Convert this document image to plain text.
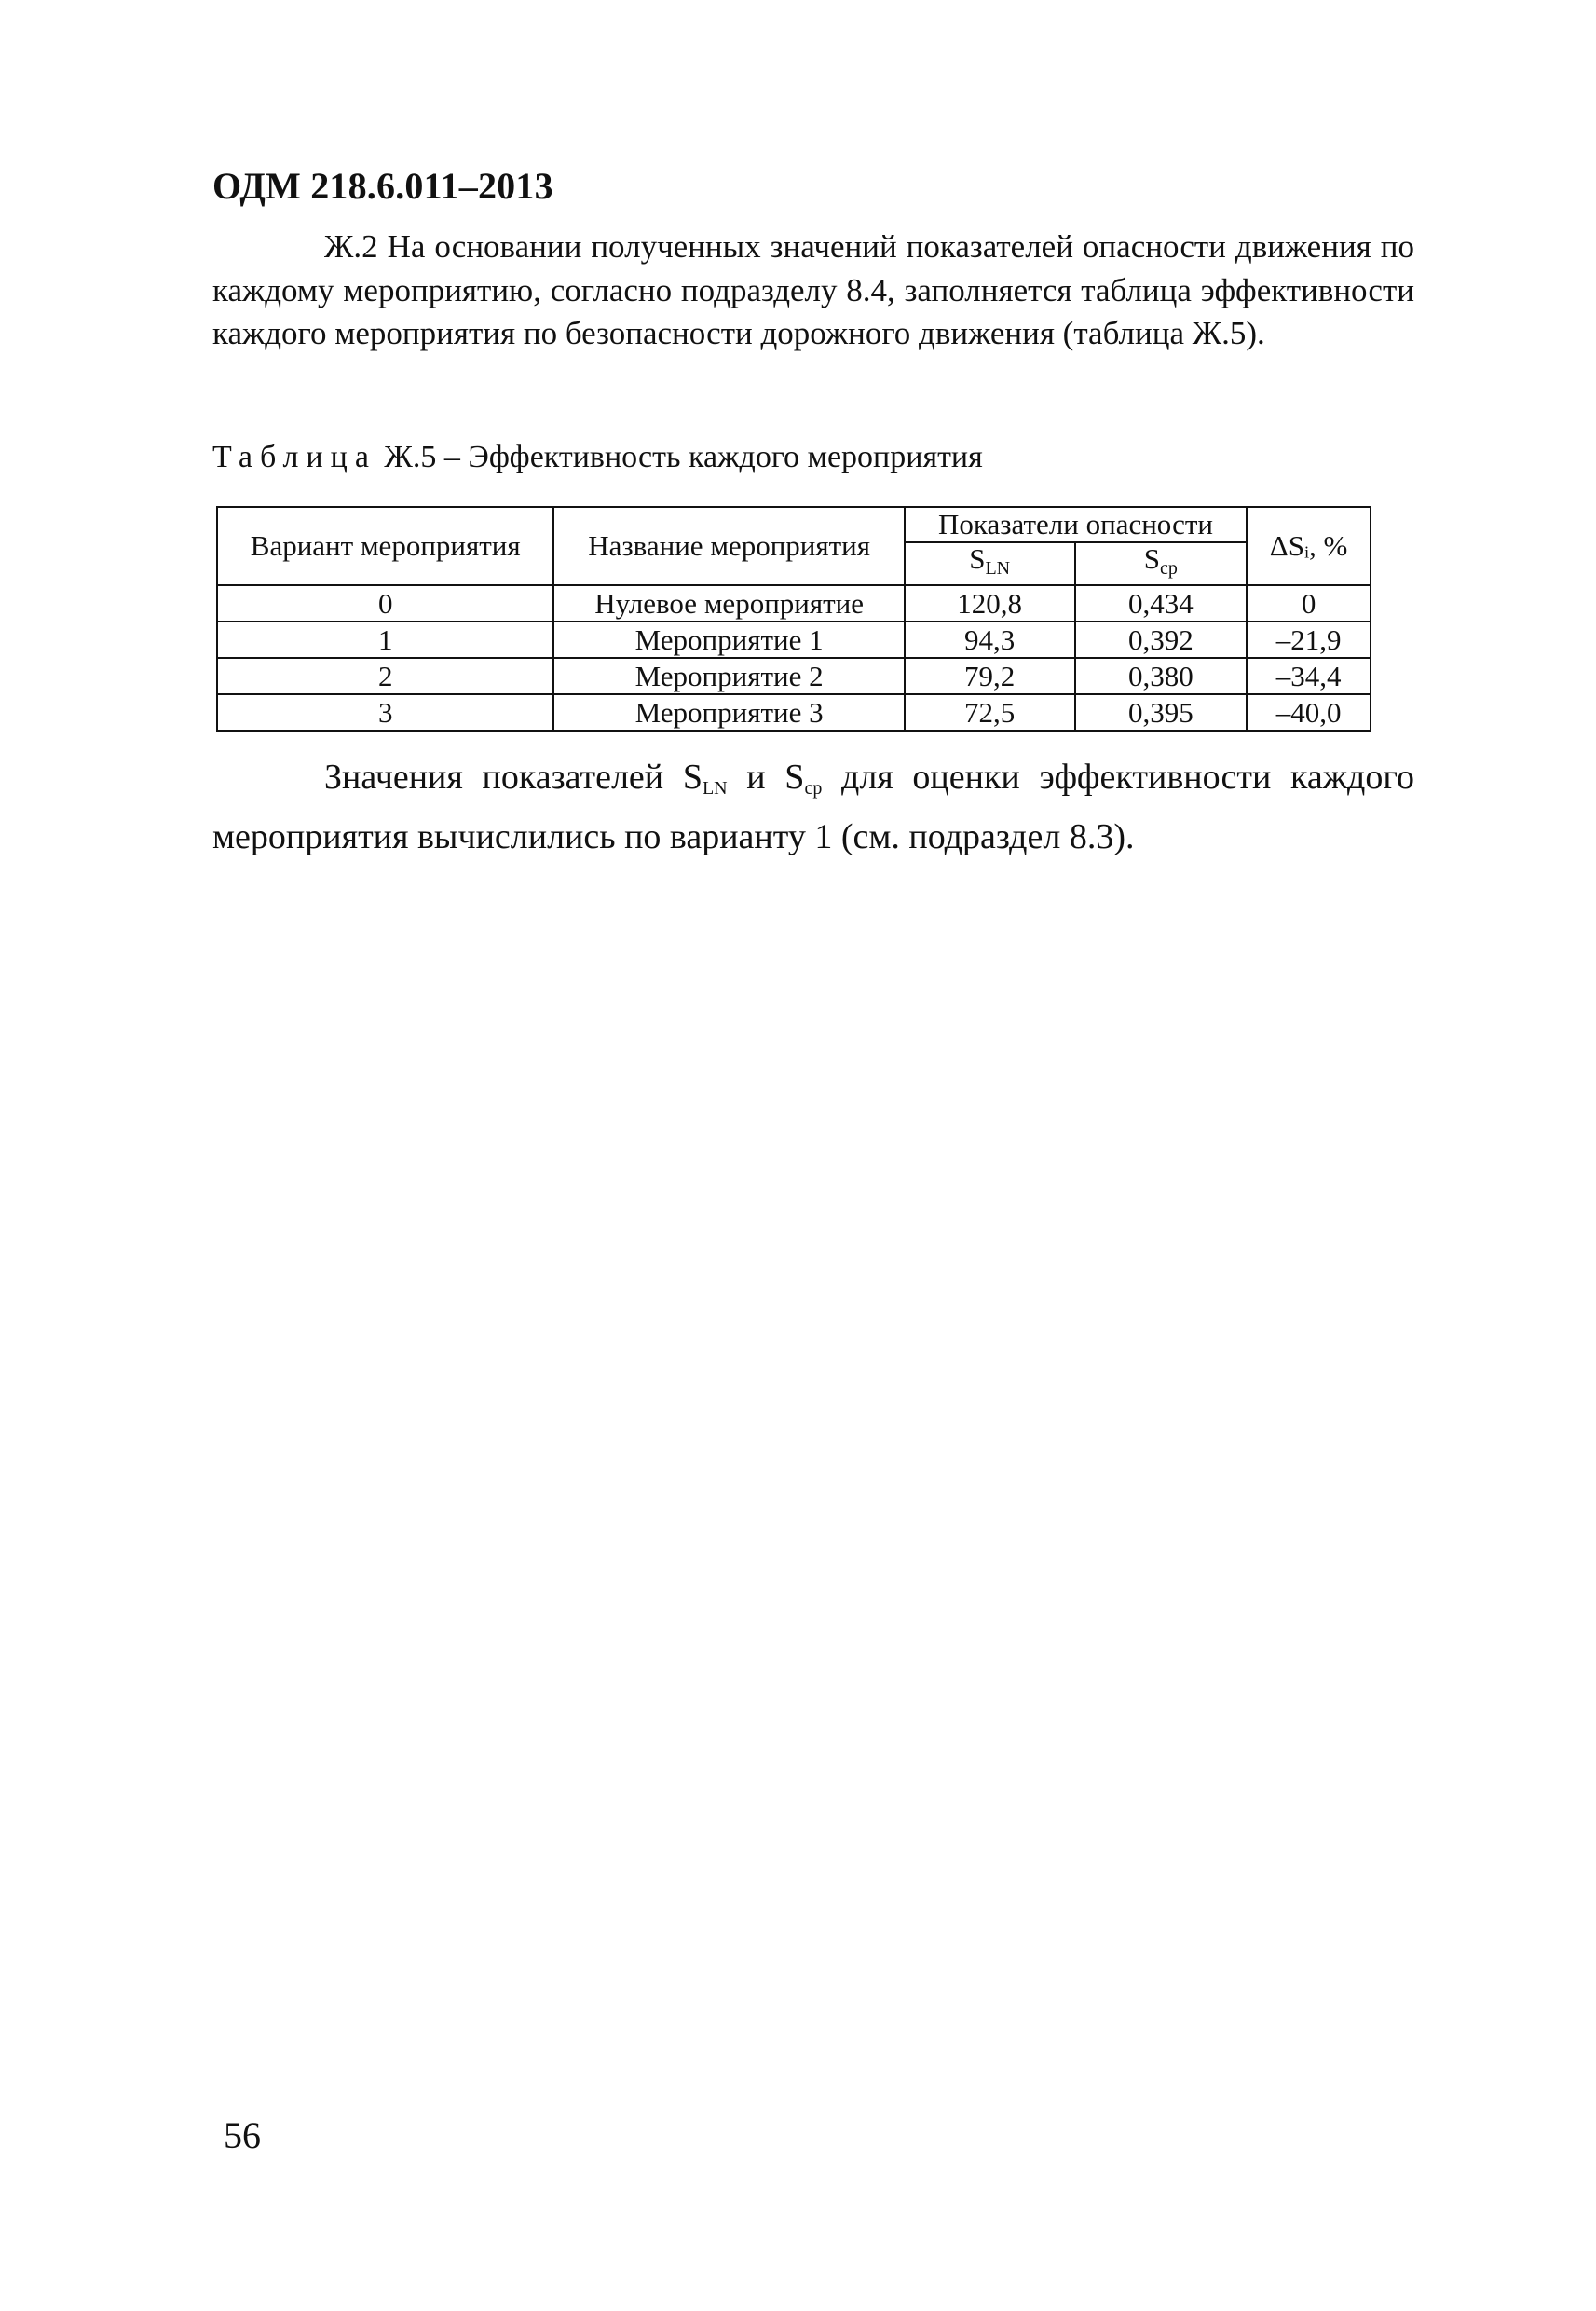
ОДМ 218.6.011–2013
Ж.2 На основании полученных значений показателей опасности движения по каждому мероприятию, согласно подразделу 8.4, заполняется таблица эффективности каждого мероприятия по безопасности дорожного движения (таблица Ж.5).
Таблица Ж.5 – Эффективность каждого мероприятия
Вариант мероприятия	Название мероприятия	Показатели опасности		ΔSᵢ, %
		$S_{LN}$	$S_{ср}$
0	Нулевое мероприятие	120,8	0,434	0
1	Мероприятие 1	94,3	0,392	–21,9
2	Мероприятие 2	79,2	0,380	–34,4
3	Мероприятие 3	72,5	0,395	–40,0
Значения показателей $S_{LN}$ и $S_{ср}$ для оценки эффективности каждого мероприятия вычислились по варианту 1 (см. подраздел 8.3).
56
